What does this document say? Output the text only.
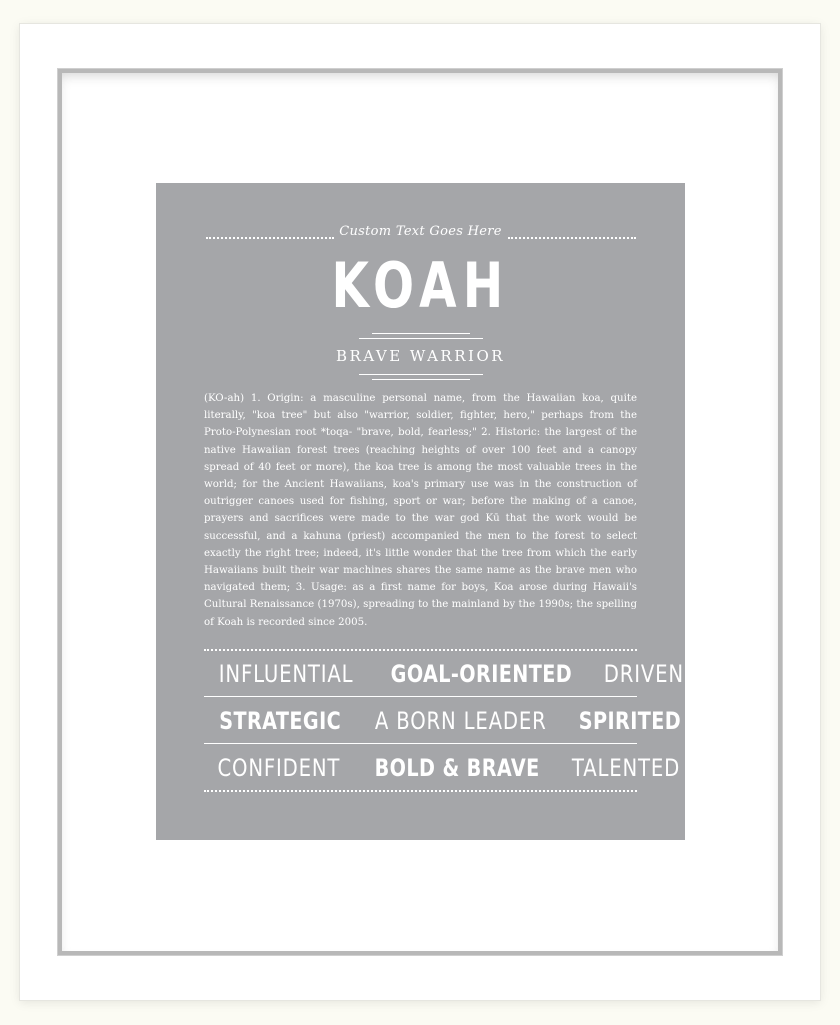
Custom Text Goes Here
KOAH
BRAVE WARRIOR
(KO-ah) 1. Origin: a masculine personal name, from the Hawaiian koa, quite literally, "koa tree" but also "warrior, soldier, fighter, hero," perhaps from the Proto-Polynesian root *toqa- "brave, bold, fearless;" 2. Historic: the largest of the native Hawaiian forest trees (reaching heights of over 100 feet and a canopy spread of 40 feet or more), the koa tree is among the most valuable trees in the world; for the Ancient Hawaiians, koa's primary use was in the construction of outrigger canoes used for fishing, sport or war; before the making of a canoe, prayers and sacrifices were made to the war god Kū that the work would be successful, and a kahuna (priest) accompanied the men to the forest to select exactly the right tree; indeed, it's little wonder that the tree from which the early Hawaiians built their war machines shares the same name as the brave men who navigated them; 3. Usage: as a first name for boys, Koa arose during Hawaii's Cultural Renaissance (1970s), spreading to the mainland by the 1990s; the spelling of Koah is recorded since 2005.
INFLUENTIAL GOAL-ORIENTED DRIVEN
STRATEGIC A BORN LEADER SPIRITED
CONFIDENT BOLD & BRAVE TALENTED
